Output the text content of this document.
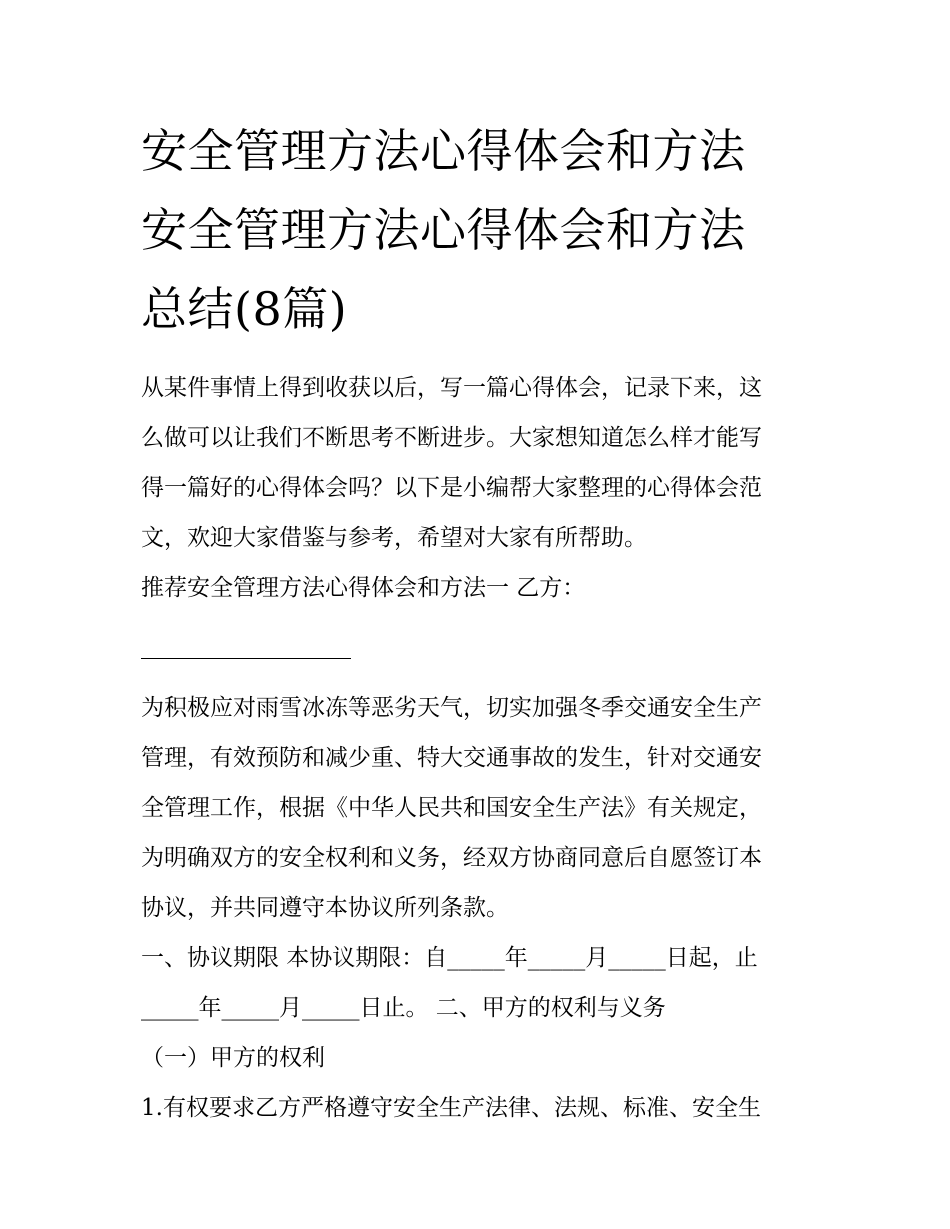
安全管理方法心得体会和方法
安全管理方法心得体会和方法
总结(8篇)

从某件事情上得到收获以后，写一篇心得体会，记录下来，这

么做可以让我们不断思考不断进步。大家想知道怎么样才能写

得一篇好的心得体会吗？以下是小编帮大家整理的心得体会范

文，欢迎大家借鉴与参考，希望对大家有所帮助。

推荐安全管理方法心得体会和方法一 乙方：

为积极应对雨雪冰冻等恶劣天气，切实加强冬季交通安全生产

管理，有效预防和减少重、特大交通事故的发生，针对交通安

全管理工作，根据《中华人民共和国安全生产法》有关规定，

为明确双方的安全权利和义务，经双方协商同意后自愿签订本

协议，并共同遵守本协议所列条款。

一、协议期限 本协议期限：自_____年_____月_____日起，止

_____年_____月_____日止。 二、甲方的权利与义务

（一）甲方的权利

1.有权要求乙方严格遵守安全生产法律、法规、标准、安全生
